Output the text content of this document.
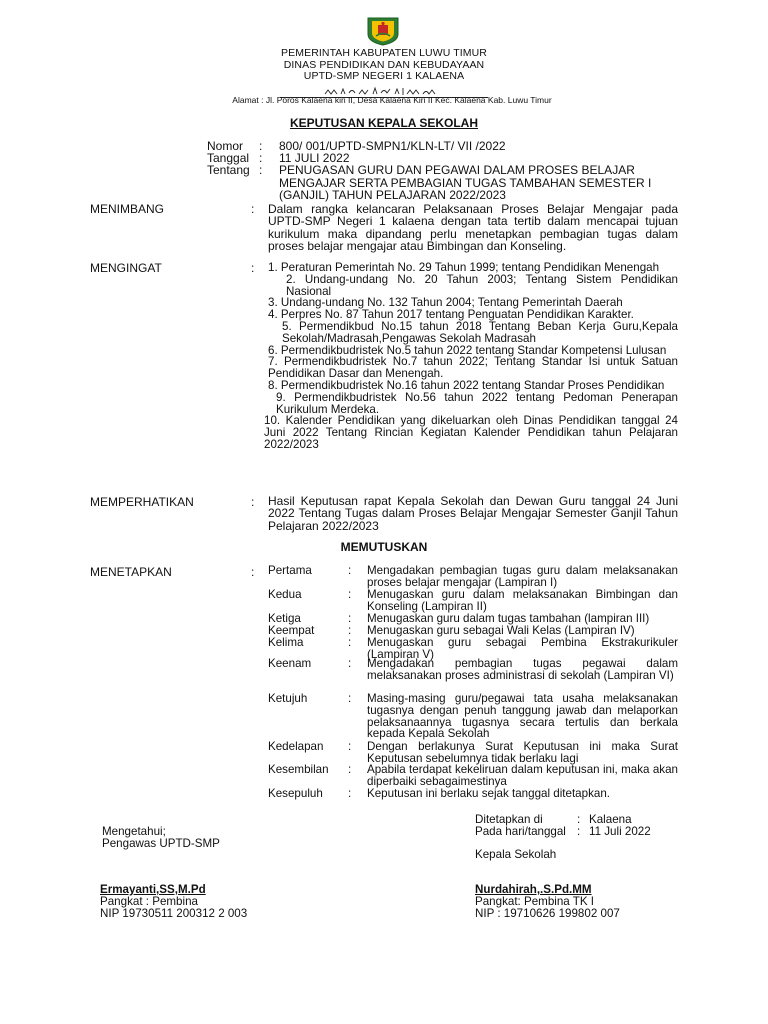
PEMERINTAH KABUPATEN LUWU TIMUR
DINAS PENDIDIKAN DAN KEBUDAYAAN
UPTD-SMP NEGERI 1 KALAENA
Alamat : Jl. Poros Kalaena kiri II, Desa Kalaena Kiri II Kec. Kalaena Kab. Luwu Timur
KEPUTUSAN KEPALA SEKOLAH
Nomor	: 800/ 001/UPTD-SMPN1/KLN-LT/ VII /2022
Tanggal : 11 JULI 2022
Tentang : PENUGASAN GURU DAN PEGAWAI DALAM PROSES BELAJAR MENGAJAR SERTA PEMBAGIAN TUGAS TAMBAHAN SEMESTER I (GANJIL) TAHUN PELAJARAN 2022/2023
MENIMBANG	: Dalam rangka kelancaran Pelaksanaan Proses Belajar Mengajar pada UPTD-SMP Negeri 1 kalaena dengan tata tertib dalam mencapai tujuan kurikulum maka dipandang perlu menetapkan pembagian tugas dalam proses belajar mengajar atau Bimbingan dan Konseling.
MENGINGAT	:	1. Peraturan Pemerintah No. 29 Tahun 1999; tentang Pendidikan Menengah
2. Undang-undang No. 20 Tahun 2003; Tentang Sistem Pendidikan Nasional
3. Undang-undang No. 132 Tahun 2004; Tentang Pemerintah Daerah
4. Perpres No. 87 Tahun 2017 tentang Penguatan Pendidikan Karakter.
5. Permendikbud No.15 tahun 2018 Tentang Beban Kerja Guru,Kepala Sekolah/Madrasah,Pengawas Sekolah Madrasah
6. Permendikbudristek No.5 tahun 2022 tentang Standar Kompetensi Lulusan
7. Permendikbudristek No.7 tahun 2022; Tentang Standar Isi untuk Satuan Pendidikan Dasar dan Menengah.
8. Permendikbudristek No.16 tahun 2022 tentang Standar Proses Pendidikan
9. Permendikbudristek No.56 tahun 2022 tentang Pedoman Penerapan Kurikulum Merdeka.
10. Kalender Pendidikan yang dikeluarkan oleh Dinas Pendidikan tanggal 24 Juni 2022 Tentang Rincian Kegiatan Kalender Pendidikan tahun Pelajaran 2022/2023
MEMPERHATIKAN	: Hasil Keputusan rapat Kepala Sekolah dan Dewan Guru tanggal 24 Juni 2022 Tentang Tugas dalam Proses Belajar Mengajar Semester Ganjil Tahun Pelajaran 2022/2023
MEMUTUSKAN
MENETAPKAN	: Pertama	: Mengadakan pembagian tugas guru dalam melaksanakan proses belajar mengajar (Lampiran I)
Kedua	: Menugaskan guru dalam melaksanakan Bimbingan dan Konseling (Lampiran II)
Ketiga	: Menugaskan guru dalam tugas tambahan (lampiran III)
Keempat	: Menugaskan guru sebagai Wali Kelas (Lampiran IV)
Kelima	: Menugaskan guru sebagai Pembina Ekstrakurikuler (Lampiran V)
Keenam	: Mengadakan pembagian tugas pegawai dalam melaksanakan proses administrasi di sekolah (Lampiran VI)
Ketujuh	: Masing-masing guru/pegawai tata usaha melaksanakan tugasnya dengan penuh tanggung jawab dan melaporkan pelaksanaannya tugasnya secara tertulis dan berkala kepada Kepala Sekolah
Kedelapan	: Dengan berlakunya Surat Keputusan ini maka Surat Keputusan sebelumnya tidak berlaku lagi
Kesembilan	: Apabila terdapat kekeliruan dalam keputusan ini, maka akan diperbaiki sebagaimestinya
Kesepuluh	: Keputusan ini berlaku sejak tanggal ditetapkan.
Ditetapkan di	: Kalaena
Pada hari/tanggal : 11 Juli 2022
Kepala Sekolah
Mengetahui;
Pengawas UPTD-SMP
Ermayanti,SS,M.Pd
Pangkat : Pembina
NIP 19730511 200312 2 003
Nurdahirah,.S.Pd.MM
Pangkat: Pembina TK I
NIP : 19710626 199802 007
